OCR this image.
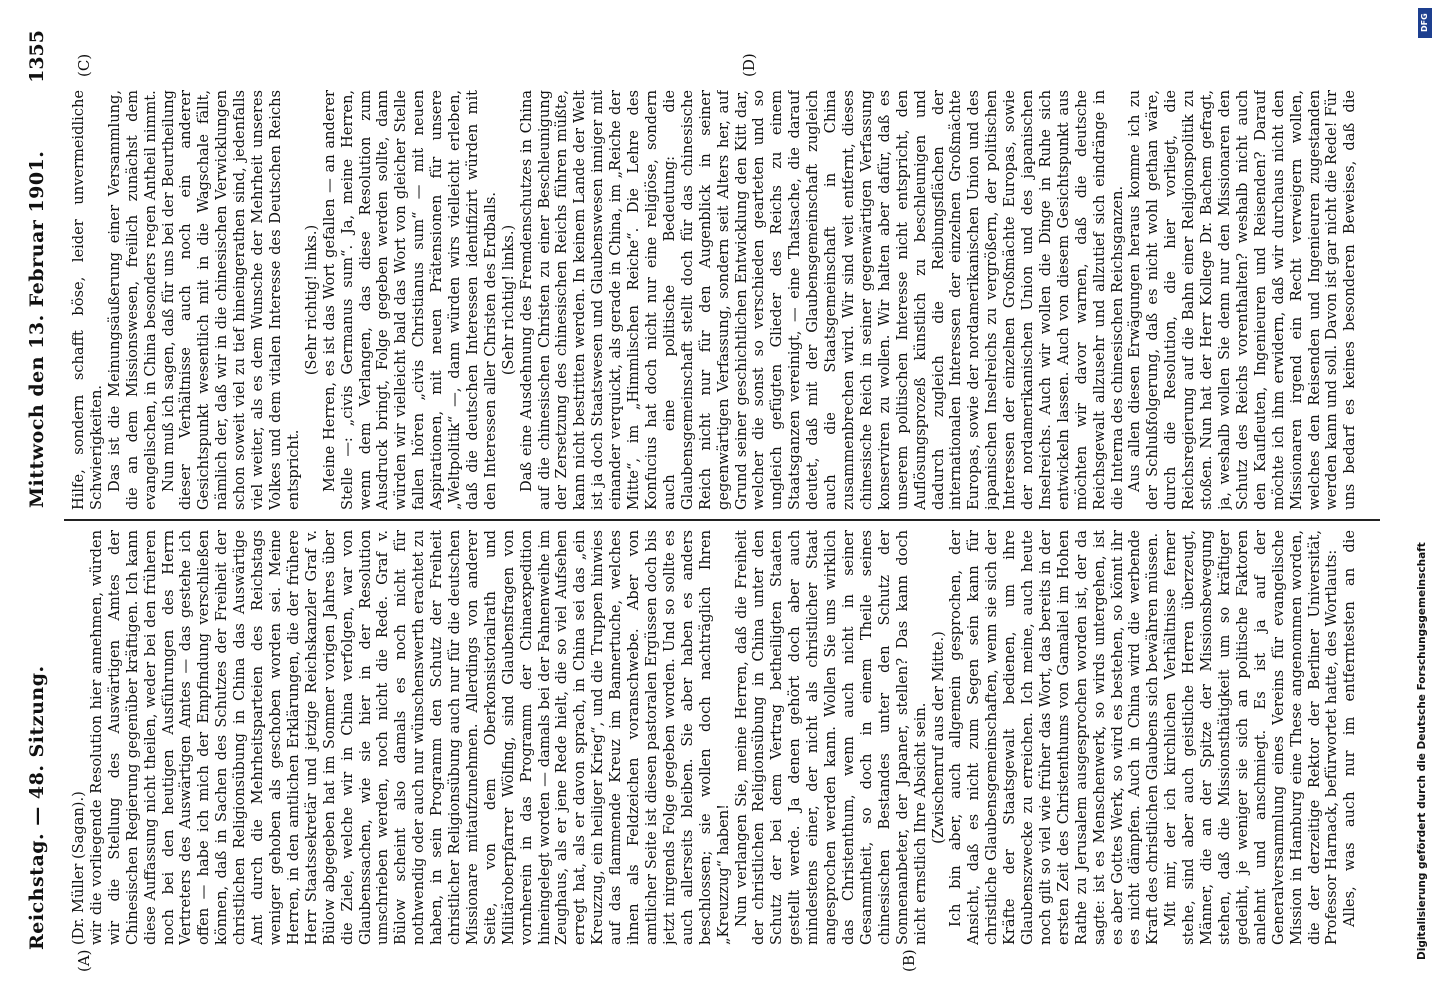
Reichstag. — 48. Sitzung.
Mittwoch den 13. Februar 1901.
1355
(A)	(B)
(C)	(D)

(Dr. Müller (Sagan).) wir die vorliegende Resolution hier annehmen, würden wir die Stellung des Auswärtigen Amtes der Chinesischen Regierung gegenüber kräftigen. Ich kann diese Auffassung nicht theilen, weder bei den früheren noch bei den heutigen Ausführungen des Herrn Vertreters des Auswärtigen Amtes — das gestehe ich offen — habe ich mich der Empfindung verschließen können, daß in Sachen des Schutzes der Freiheit der christlichen Religionsübung in China das Auswärtige Amt durch die Mehrheitsparteien des Reichstags weniger gehoben als geschoben worden sei. Meine Herren, in den amtlichen Erklärungen, die der frühere Herr Staatssekretär und jetzige Reichskanzler Graf v. Bülow abgegeben hat im Sommer vorigen Jahres über die Ziele, welche wir in China verfolgen, war von Glaubenssachen, wie sie hier in der Resolution umschrieben werden, noch nicht die Rede. Graf v. Bülow scheint also damals es noch nicht für nothwendig oder auch nur wünschenswerth erachtet zu haben, in sein Programm den Schutz der Freiheit christlicher Religionsübung auch nur für die deutschen Missionare mitaufzunehmen. Allerdings von anderer Seite, von dem Oberkonsistorialrath und Militäroberpfarrer Wölfing, sind Glaubensfragen von vornherein in das Programm der Chinaexpedition hineingelegt worden — damals bei der Fahnenweihe im Zeughaus, als er jene Rede hielt, die so viel Aufsehen erregt hat, als er davon sprach, in China sei das „ein Kreuzzug, ein heiliger Krieg“, und die Truppen hinwies auf das flammende Kreuz im Bannertuche, welches ihnen als Feldzeichen voranschwebe. Aber von amtlicher Seite ist diesen pastoralen Ergüssen doch bis jetzt nirgends Folge gegeben worden. Und so sollte es auch allerseits bleiben. Sie aber haben es anders beschlossen; sie wollen doch nachträglich Ihren „Kreuzzug“ haben! Nun verlangen Sie, meine Herren, daß die Freiheit der christlichen Religionsübung in China unter den Schutz der bei dem Vertrag betheiligten Staaten gestellt werde. Ja denen gehört doch aber auch mindestens einer, der nicht als christlicher Staat angesprochen werden kann. Wollen Sie uns wirklich das Christenthum, wenn auch nicht in seiner Gesammtheit, so doch in einem Theile seines chinesischen Bestandes unter den Schutz der Sonnenanbeter, der Japaner, stellen? Das kann doch nicht ernstlich Ihre Absicht sein. (Zwischenruf aus der Mitte.) Ich bin aber, auch allgemein gesprochen, der Ansicht, daß es nicht zum Segen sein kann für christliche Glaubensgemeinschaften, wenn sie sich der Kräfte der Staatsgewalt bedienen, um ihre Glaubenszwecke zu erreichen. Ich meine, auch heute noch gilt so viel wie früher das Wort, das bereits in der ersten Zeit des Christenthums von Gamaliel im Hohen Rathe zu Jerusalem ausgesprochen worden ist, der da sagte: ist es Menschenwerk, so wirds untergehen, ist es aber Gottes Werk, so wird es bestehen, so könnt ihr es nicht dämpfen. Auch in China wird die werbende Kraft des christlichen Glaubens sich bewähren müssen. Mit mir, der ich kirchlichen Verhältnisse ferner stehe, sind aber auch geistliche Herren überzeugt, Männer, die an der Spitze der Missionsbewegung stehen, daß die Missionsthätigkeit um so kräftiger gedeiht, je weniger sie sich an politische Faktoren anlehnt und anschmiegt. Es ist ja auf der Generalversammlung eines Vereins für evangelische Mission in Hamburg eine These angenommen worden, die der derzeitige Rektor der Berliner Universität, Professor Harnack, befürwortet hatte, des Wortlauts: Alles, was auch nur im entferntesten an die

Hilfe, sondern schafft böse, leider unvermeidliche Schwierigkeiten. Das ist die Meinungsäußerung einer Versammlung, die an dem Missionswesen, freilich zunächst dem evangelischen, in China besonders regen Antheil nimmt. Nun muß ich sagen, daß für uns bei der Beurtheilung dieser Verhältnisse auch noch ein anderer Gesichtspunkt wesentlich mit in die Wagschale fällt, nämlich der, daß wir in die chinesischen Verwicklungen schon soweit viel zu tief hineingerathen sind, jedenfalls viel weiter, als es dem Wunsche der Mehrheit unseres Volkes und dem vitalen Interesse des Deutschen Reichs entspricht.

(Sehr richtig! links.) Meine Herren, es ist das Wort gefallen — an anderer Stelle —: „civis Germanus sum“. Ja, meine Herren, wenn dem Verlangen, das diese Resolution zum Ausdruck bringt, Folge gegeben werden sollte, dann würden wir vielleicht bald das Wort von gleicher Stelle fallen hören „civis Christianus sum“ — mit neuen Aspirationen, mit neuen Prätensionen für unsere „Weltpolitik“ —, dann würden wirs vielleicht erleben, daß die deutschen Interessen identifizirt würden mit den Interessen aller Christen des Erdballs. (Sehr richtig! links.) Daß eine Ausdehnung des Fremdenschutzes in China auf die chinesischen Christen zu einer Beschleunigung der Zersetzung des chinesischen Reichs führen müßte, kann nicht bestritten werden. In keinem Lande der Welt ist ja doch Staatswesen und Glaubenswesen inniger mit einander verquickt, als gerade in China, im „Reiche der Mitte“, im „Himmlischen Reiche“. Die Lehre des Konfucius hat doch nicht nur eine religiöse, sondern auch eine politische Bedeutung: die Glaubensgemeinschaft stellt doch für das chinesische Reich nicht nur für den Augenblick in seiner gegenwärtigen Verfassung, sondern seit Alters her, auf Grund seiner geschichtlichen Entwicklung den Kitt dar, welcher die sonst so verschieden gearteten und so ungleich gefügten Glieder des Reichs zu einem Staatsganzen vereinigt, — eine Thatsache, die darauf deutet, daß mit der Glaubensgemeinschaft zugleich auch die Staatsgemeinschaft in China zusammenbrechen wird. Wir sind weit entfernt, dieses chinesische Reich in seiner gegenwärtigen Verfassung konserviren zu wollen. Wir halten aber dafür, daß es unserem politischen Interesse nicht entspricht, den Auflösungsprozeß künstlich zu beschleunigen und dadurch zugleich die Reibungsflächen der internationalen Interessen der einzelnen Großmächte Europas, sowie der nordamerikanischen Union und des japanischen Inselreichs zu vergrößern, der politischen Interessen der einzelnen Großmächte Europas, sowie der nordamerikanischen Union und des japanischen Inselreichs. Auch wir wollen die Dinge in Ruhe sich entwickeln lassen. Auch von diesem Gesichtspunkt aus möchten wir davor warnen, daß die deutsche Reichsgewalt allzusehr und allzutief sich eindränge in die Interna des chinesischen Reichsganzen. Aus allen diesen Erwägungen heraus komme ich zu der Schlußfolgerung, daß es nicht wohl gethan wäre, durch die Resolution, die hier vorliegt, die Reichsregierung auf die Bahn einer Religionspolitik zu stoßen. Nun hat der Herr Kollege Dr. Bachem gefragt, ja, weshalb wollen Sie denn nur den Missionaren den Schutz des Reichs vorenthalten? weshalb nicht auch den Kaufleuten, Ingenieuren und Reisenden? Darauf möchte ich ihm erwidern, daß wir durchaus nicht den Missionaren irgend ein Recht verweigern wollen, welches den Reisenden und Ingenieuren zugestanden werden kann und soll. Davon ist gar nicht die Rede! Für uns bedarf es keines besonderen Beweises, daß die

DFG
Digitalisierung gefördert durch die Deutsche Forschungsgemeinschaft
